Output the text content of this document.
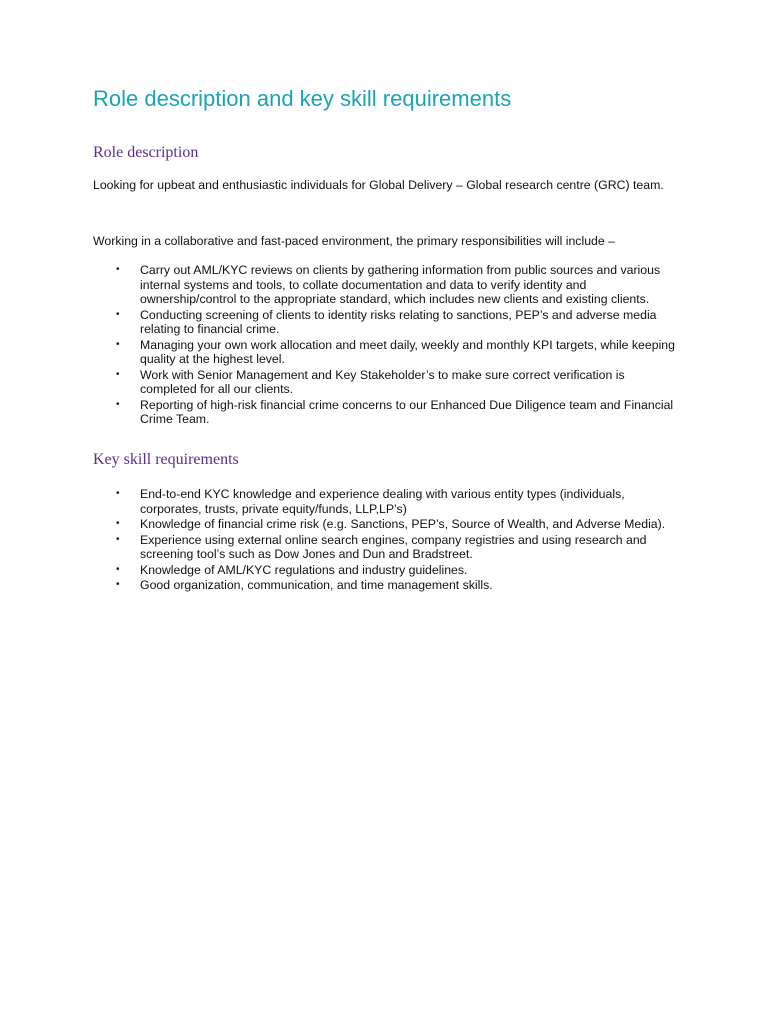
Role description and key skill requirements
Role description

Looking for upbeat and enthusiastic individuals for Global Delivery – Global research centre (GRC) team.

Working in a collaborative and fast-paced environment, the primary responsibilities will include –

• Carry out AML/KYC reviews on clients by gathering information from public sources and various internal systems and tools, to collate documentation and data to verify identity and ownership/control to the appropriate standard, which includes new clients and existing clients.
• Conducting screening of clients to identity risks relating to sanctions, PEP’s and adverse media relating to financial crime.
• Managing your own work allocation and meet daily, weekly and monthly KPI targets, while keeping quality at the highest level.
• Work with Senior Management and Key Stakeholder’s to make sure correct verification is completed for all our clients.
• Reporting of high-risk financial crime concerns to our Enhanced Due Diligence team and Financial Crime Team.
Key skill requirements
• End-to-end KYC knowledge and experience dealing with various entity types (individuals, corporates, trusts, private equity/funds, LLP,LP’s)
• Knowledge of financial crime risk (e.g. Sanctions, PEP’s, Source of Wealth, and Adverse Media).
• Experience using external online search engines, company registries and using research and screening tool’s such as Dow Jones and Dun and Bradstreet.
• Knowledge of AML/KYC regulations and industry guidelines.
• Good organization, communication, and time management skills.
